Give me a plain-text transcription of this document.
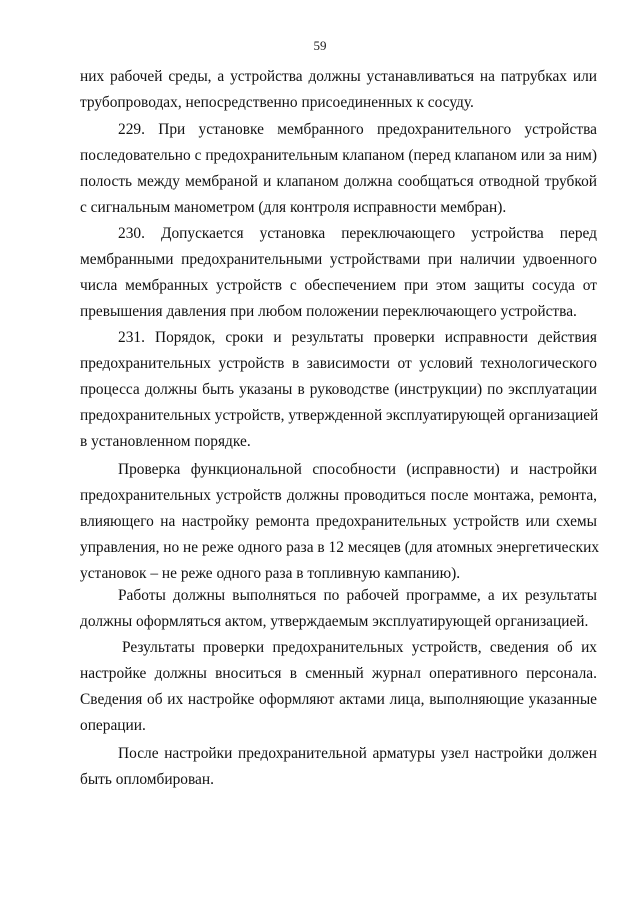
59
них рабочей среды, а устройства должны устанавливаться на патрубках или
трубопроводах, непосредственно присоединенных к сосуду.
229. При установке мембранного предохранительного устройства
последовательно с предохранительным клапаном (перед клапаном или за ним)
полость между мембраной и клапаном должна сообщаться отводной трубкой
с сигнальным манометром (для контроля исправности мембран).
230. Допускается установка переключающего устройства перед
мембранными предохранительными устройствами при наличии удвоенного
числа мембранных устройств с обеспечением при этом защиты сосуда от
превышения давления при любом положении переключающего устройства.
231. Порядок, сроки и результаты проверки исправности действия
предохранительных устройств в зависимости от условий технологического
процесса должны быть указаны в руководстве (инструкции) по эксплуатации
предохранительных устройств, утвержденной эксплуатирующей организацией
в установленном порядке.
Проверка функциональной способности (исправности) и настройки
предохранительных устройств должны проводиться после монтажа, ремонта,
влияющего на настройку ремонта предохранительных устройств или схемы
управления, но не реже одного раза в 12 месяцев (для атомных энергетических
установок – не реже одного раза в топливную кампанию).
Работы должны выполняться по рабочей программе, а их результаты
должны оформляться актом, утверждаемым эксплуатирующей организацией.
Результаты проверки предохранительных устройств, сведения об их
настройке должны вноситься в сменный журнал оперативного персонала.
Сведения об их настройке оформляют актами лица, выполняющие указанные
операции.
После настройки предохранительной арматуры узел настройки должен
быть опломбирован.
